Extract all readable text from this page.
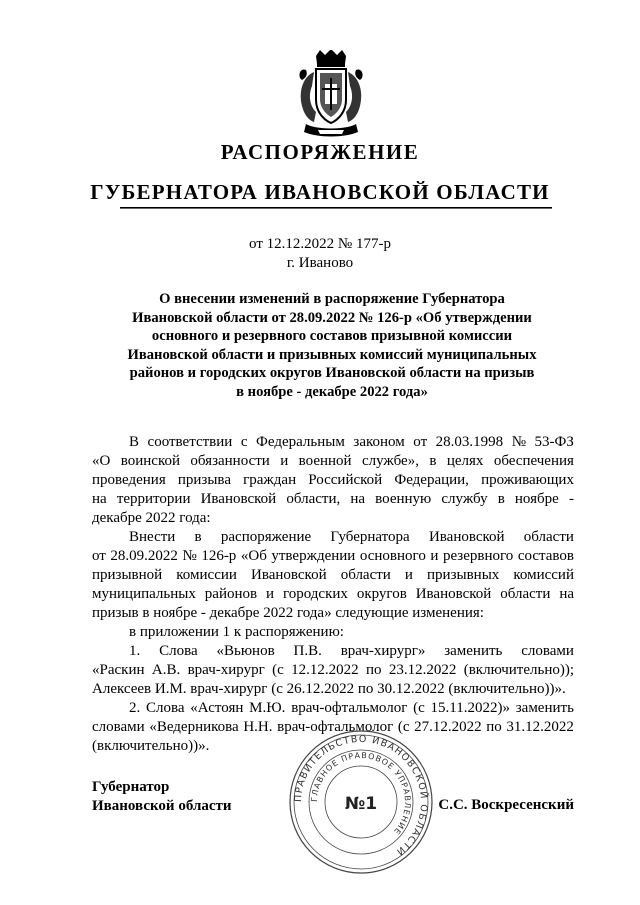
РАСПОРЯЖЕНИЕ
ГУБЕРНАТОРА ИВАНОВСКОЙ ОБЛАСТИ
от 12.12.2022 № 177-р
г. Иваново
О внесении изменений в распоряжение Губернатора
Ивановской области от 28.09.2022 № 126-р «Об утверждении
основного и резервного составов призывной комиссии
Ивановской области и призывных комиссий муниципальных
районов и городских округов Ивановской области на призыв
в ноябре - декабре 2022 года»
В соответствии с Федеральным законом от 28.03.1998 № 53-ФЗ
«О воинской обязанности и военной службе», в целях обеспечения
проведения призыва граждан Российской Федерации, проживающих
на территории Ивановской области, на военную службу в ноябре -
декабре 2022 года:
Внести в распоряжение Губернатора Ивановской области
от 28.09.2022 № 126-р «Об утверждении основного и резервного составов
призывной комиссии Ивановской области и призывных комиссий
муниципальных районов и городских округов Ивановской области на
призыв в ноябре - декабре 2022 года» следующие изменения:
в приложении 1 к распоряжению:
1. Слова «Вьюнов П.В. врач-хирург» заменить словами
«Раскин А.В. врач-хирург (с 12.12.2022 по 23.12.2022 (включительно));
Алексеев И.М. врач-хирург (с 26.12.2022 по 30.12.2022 (включительно))».
2. Слова «Астоян М.Ю. врач-офтальмолог (с 15.11.2022)» заменить
словами «Ведерникова Н.Н. врач-офтальмолог (с 27.12.2022 по 31.12.2022
(включительно))».
Губернатор
Ивановской области	С.С. Воскресенский
ПРАВИТЕЛЬСТВО ИВАНОВСКОЙ ОБЛАСТИ
ГЛАВНОЕ ПРАВОВОЕ УПРАВЛЕНИЕ
№1
